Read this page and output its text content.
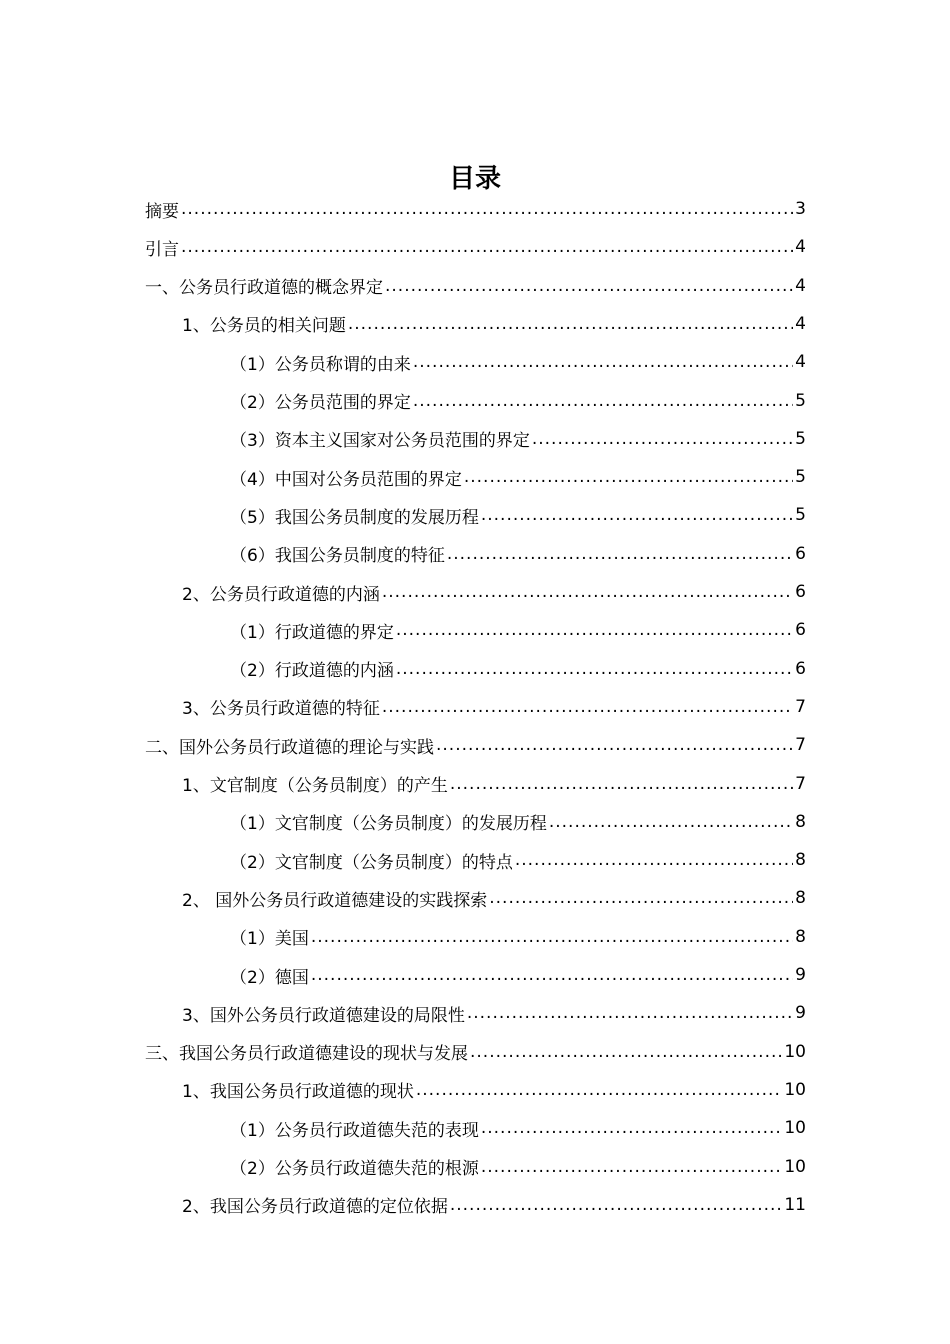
目录
摘要 .....	3
引言 .....	4
一、公务员行政道德的概念界定 .....	4
1、公务员的相关问题 .....	4
（1）公务员称谓的由来 .....	4
（2）公务员范围的界定 .....	5
（3）资本主义国家对公务员范围的界定 .....	5
（4）中国对公务员范围的界定 .....	5
（5）我国公务员制度的发展历程 .....	5
（6）我国公务员制度的特征 .....	6
2、公务员行政道德的内涵 .....	6
（1）行政道德的界定 .....	6
（2）行政道德的内涵 .....	6
3、公务员行政道德的特征 .....	7
二、国外公务员行政道德的理论与实践 .....	7
1、文官制度（公务员制度）的产生 .....	7
（1）文官制度（公务员制度）的发展历程 .....	8
（2）文官制度（公务员制度）的特点 .....	8
2、 国外公务员行政道德建设的实践探索 .....	8
（1）美国 .....	8
（2）德国 .....	9
3、国外公务员行政道德建设的局限性 .....	9
三、我国公务员行政道德建设的现状与发展 .....	10
1、我国公务员行政道德的现状 .....	10
（1）公务员行政道德失范的表现 .....	10
（2）公务员行政道德失范的根源 .....	10
2、我国公务员行政道德的定位依据 .....	11
